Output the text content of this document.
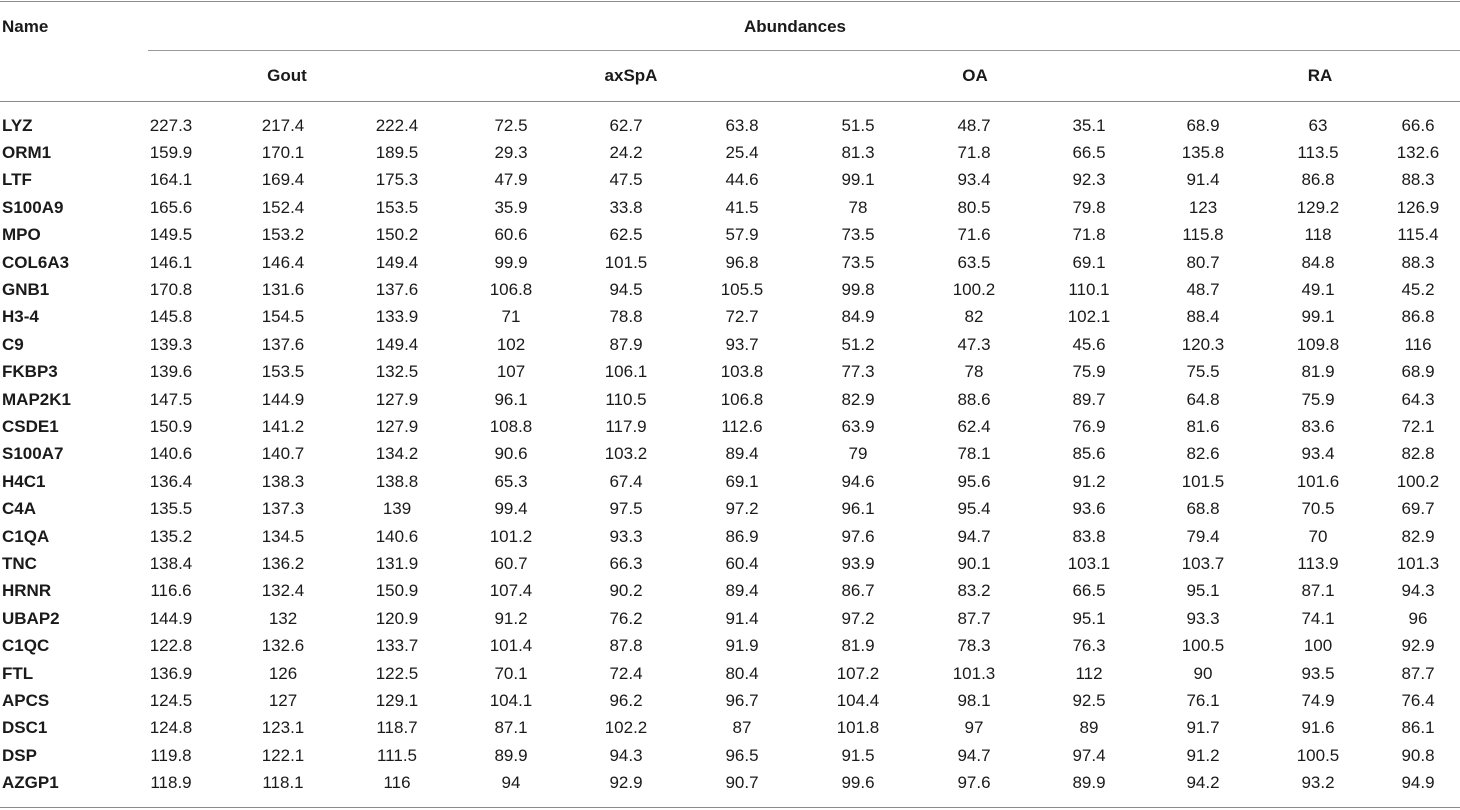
Name	Abundances
Gout	axSpA	OA	RA
LYZ	227.3	217.4	222.4	72.5	62.7	63.8	51.5	48.7	35.1	68.9	63	66.6
ORM1	159.9	170.1	189.5	29.3	24.2	25.4	81.3	71.8	66.5	135.8	113.5	132.6
LTF	164.1	169.4	175.3	47.9	47.5	44.6	99.1	93.4	92.3	91.4	86.8	88.3
S100A9	165.6	152.4	153.5	35.9	33.8	41.5	78	80.5	79.8	123	129.2	126.9
MPO	149.5	153.2	150.2	60.6	62.5	57.9	73.5	71.6	71.8	115.8	118	115.4
COL6A3	146.1	146.4	149.4	99.9	101.5	96.8	73.5	63.5	69.1	80.7	84.8	88.3
GNB1	170.8	131.6	137.6	106.8	94.5	105.5	99.8	100.2	110.1	48.7	49.1	45.2
H3-4	145.8	154.5	133.9	71	78.8	72.7	84.9	82	102.1	88.4	99.1	86.8
C9	139.3	137.6	149.4	102	87.9	93.7	51.2	47.3	45.6	120.3	109.8	116
FKBP3	139.6	153.5	132.5	107	106.1	103.8	77.3	78	75.9	75.5	81.9	68.9
MAP2K1	147.5	144.9	127.9	96.1	110.5	106.8	82.9	88.6	89.7	64.8	75.9	64.3
CSDE1	150.9	141.2	127.9	108.8	117.9	112.6	63.9	62.4	76.9	81.6	83.6	72.1
S100A7	140.6	140.7	134.2	90.6	103.2	89.4	79	78.1	85.6	82.6	93.4	82.8
H4C1	136.4	138.3	138.8	65.3	67.4	69.1	94.6	95.6	91.2	101.5	101.6	100.2
C4A	135.5	137.3	139	99.4	97.5	97.2	96.1	95.4	93.6	68.8	70.5	69.7
C1QA	135.2	134.5	140.6	101.2	93.3	86.9	97.6	94.7	83.8	79.4	70	82.9
TNC	138.4	136.2	131.9	60.7	66.3	60.4	93.9	90.1	103.1	103.7	113.9	101.3
HRNR	116.6	132.4	150.9	107.4	90.2	89.4	86.7	83.2	66.5	95.1	87.1	94.3
UBAP2	144.9	132	120.9	91.2	76.2	91.4	97.2	87.7	95.1	93.3	74.1	96
C1QC	122.8	132.6	133.7	101.4	87.8	91.9	81.9	78.3	76.3	100.5	100	92.9
FTL	136.9	126	122.5	70.1	72.4	80.4	107.2	101.3	112	90	93.5	87.7
APCS	124.5	127	129.1	104.1	96.2	96.7	104.4	98.1	92.5	76.1	74.9	76.4
DSC1	124.8	123.1	118.7	87.1	102.2	87	101.8	97	89	91.7	91.6	86.1
DSP	119.8	122.1	111.5	89.9	94.3	96.5	91.5	94.7	97.4	91.2	100.5	90.8
AZGP1	118.9	118.1	116	94	92.9	90.7	99.6	97.6	89.9	94.2	93.2	94.9
